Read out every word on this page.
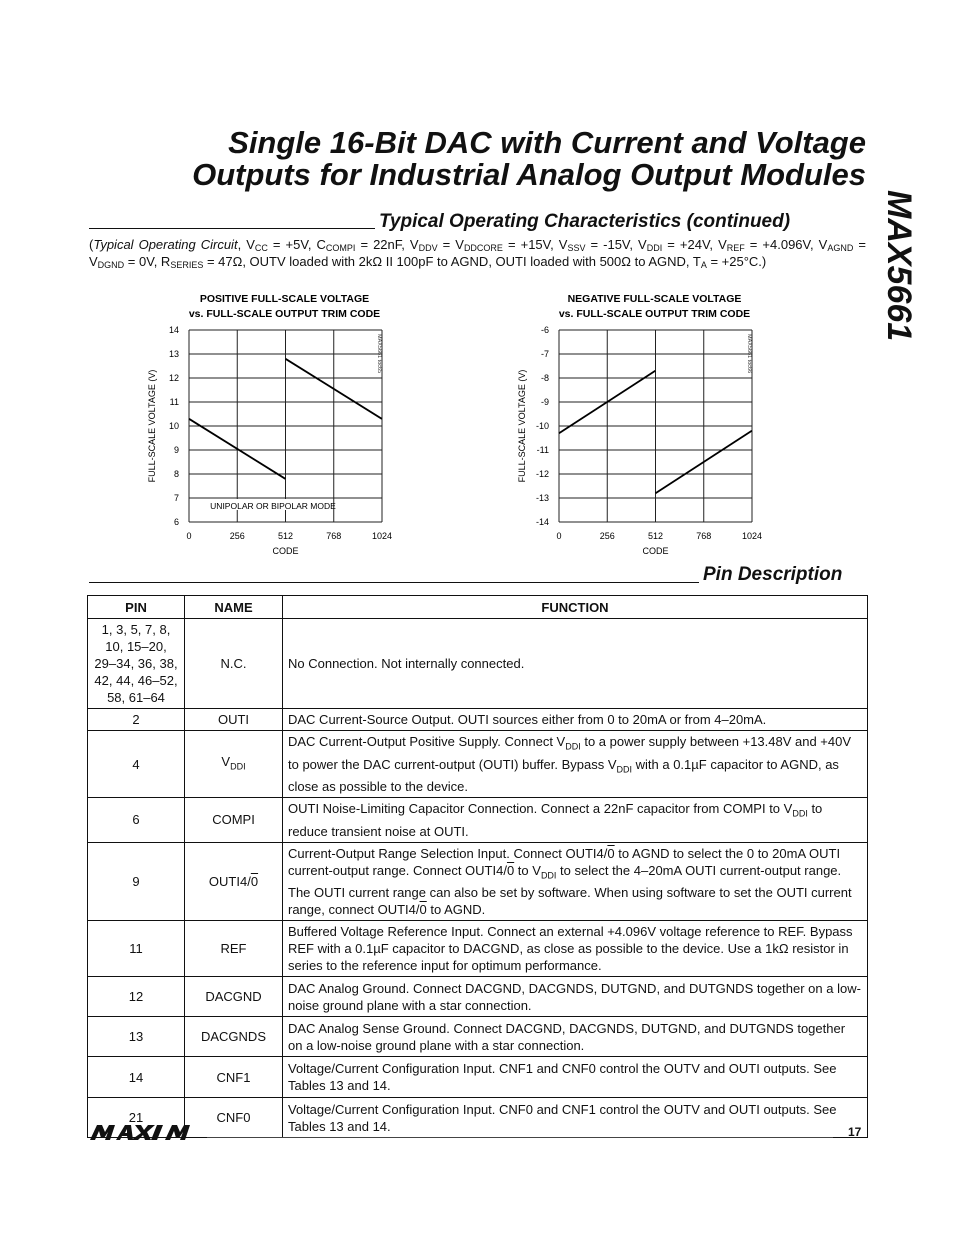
Single 16-Bit DAC with Current and Voltage
Outputs for Industrial Analog Output Modules
MAX5661
Typical Operating Characteristics (continued)
(Typical Operating Circuit, $V_{CC} = +5V$, $C_{COMPI} = 22nF$, $V_{DDV} = V_{DDCORE} = +15V$, $V_{SSV} = -15V$, $V_{DDI} = +24V$, $V_{REF} = +4.096V$, $V_{AGND} = V_{DGND} = 0V$, $R_{SERIES} = 47\Omega$, OUTV loaded with 2kΩ II 100pF to AGND, OUTI loaded with 500Ω to AGND, $T_A = +25^\circ C$.)
POSITIVE FULL-SCALE VOLTAGE
vs. FULL-SCALE OUTPUT TRIM CODE
0	256	512	768	1024
14
13
12
11
10
9
8
7
6
CODE
FULL-SCALE VOLTAGE (V)
MAX5661 toc65
UNIPOLAR OR BIPOLAR MODE
NEGATIVE FULL-SCALE VOLTAGE
vs. FULL-SCALE OUTPUT TRIM CODE
0	256	512	768	1024
-6
-7
-8
-9
-10
-11
-12
-13
-14
CODE
FULL-SCALE VOLTAGE (V)
MAX5661 toc66
Pin Description
PIN	NAME	FUNCTION
1, 3, 5, 7, 8, 10, 15–20, 29–34, 36, 38, 42, 44, 46–52, 58, 61–64	N.C.	No Connection. Not internally connected.
2	OUTI	DAC Current-Source Output. OUTI sources either from 0 to 20mA or from 4–20mA.
4	$V_{DDI}$	DAC Current-Output Positive Supply. Connect $V_{DDI}$ to a power supply between +13.48V and +40V to power the DAC current-output (OUTI) buffer. Bypass $V_{DDI}$ with a 0.1µF capacitor to AGND, as close as possible to the device.
6	COMPI	OUTI Noise-Limiting Capacitor Connection. Connect a 22nF capacitor from COMPI to $V_{DDI}$ to reduce transient noise at OUTI.
9	OUTI4/0	Current-Output Range Selection Input. Connect OUTI4/0 to AGND to select the 0 to 20mA OUTI current-output range. Connect OUTI4/0 to $V_{DDI}$ to select the 4–20mA OUTI current-output range. The OUTI current range can also be set by software. When using software to set the OUTI current range, connect OUTI4/0 to AGND.
11	REF	Buffered Voltage Reference Input. Connect an external +4.096V voltage reference to REF. Bypass REF with a 0.1µF capacitor to DACGND, as close as possible to the device. Use a 1kΩ resistor in series to the reference input for optimum performance.
12	DACGND	DAC Analog Ground. Connect DACGND, DACGNDS, DUTGND, and DUTGNDS together on a low-noise ground plane with a star connection.
13	DACGNDS	DAC Analog Sense Ground. Connect DACGND, DACGNDS, DUTGND, and DUTGNDS together on a low-noise ground plane with a star connection.
14	CNF1	Voltage/Current Configuration Input. CNF1 and CNF0 control the OUTV and OUTI outputs. See Tables 13 and 14.
21	CNF0	Voltage/Current Configuration Input. CNF0 and CNF1 control the OUTV and OUTI outputs. See Tables 13 and 14.	17
